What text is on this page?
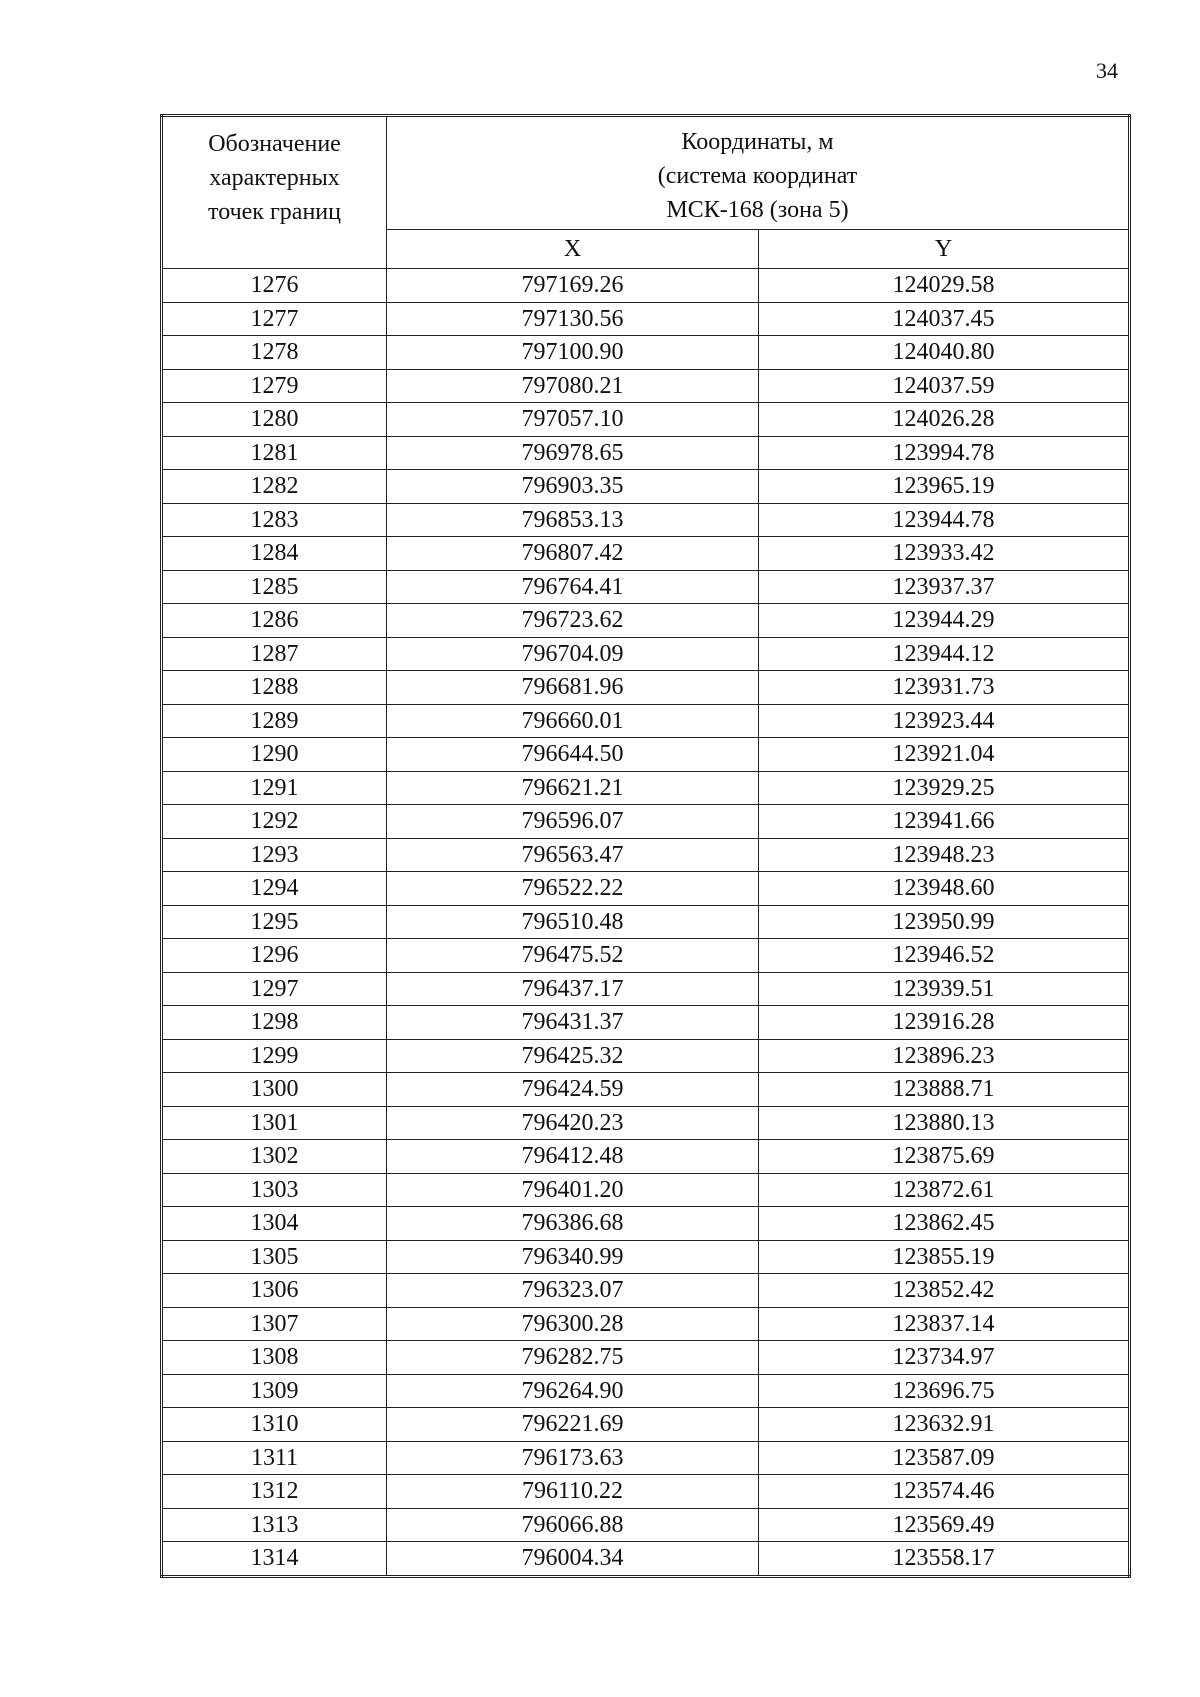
34
Обозначение
характерных
точек границ	Координаты, м
(система координат
МСК-168 (зона 5)	

	X	Y
1276	797169.26	124029.58
1277	797130.56	124037.45
1278	797100.90	124040.80
1279	797080.21	124037.59
1280	797057.10	124026.28
1281	796978.65	123994.78
1282	796903.35	123965.19
1283	796853.13	123944.78
1284	796807.42	123933.42
1285	796764.41	123937.37
1286	796723.62	123944.29
1287	796704.09	123944.12
1288	796681.96	123931.73
1289	796660.01	123923.44
1290	796644.50	123921.04
1291	796621.21	123929.25
1292	796596.07	123941.66
1293	796563.47	123948.23
1294	796522.22	123948.60
1295	796510.48	123950.99
1296	796475.52	123946.52
1297	796437.17	123939.51
1298	796431.37	123916.28
1299	796425.32	123896.23
1300	796424.59	123888.71
1301	796420.23	123880.13
1302	796412.48	123875.69
1303	796401.20	123872.61
1304	796386.68	123862.45
1305	796340.99	123855.19
1306	796323.07	123852.42
1307	796300.28	123837.14
1308	796282.75	123734.97
1309	796264.90	123696.75
1310	796221.69	123632.91
1311	796173.63	123587.09
1312	796110.22	123574.46
1313	796066.88	123569.49
1314	796004.34	123558.17
